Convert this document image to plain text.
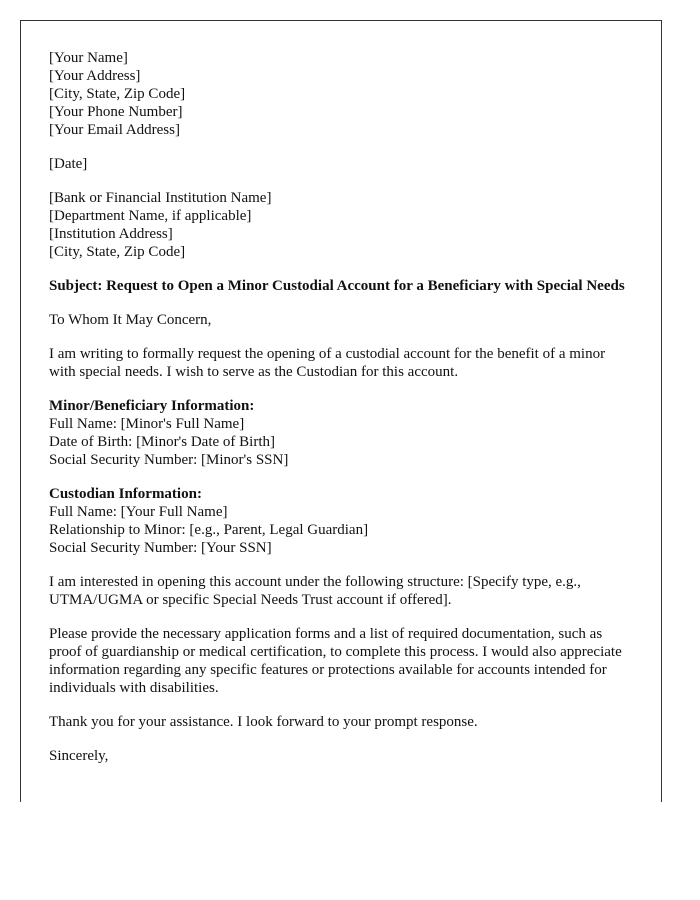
[Your Name]
[Your Address]
[City, State, Zip Code]
[Your Phone Number]
[Your Email Address]

[Date]

[Bank or Financial Institution Name]
[Department Name, if applicable]
[Institution Address]
[City, State, Zip Code]

Subject: Request to Open a Minor Custodial Account for a Beneficiary with Special Needs

To Whom It May Concern,

I am writing to formally request the opening of a custodial account for the benefit of a minor with special needs. I wish to serve as the Custodian for this account.

Minor/Beneficiary Information:
Full Name: [Minor's Full Name]
Date of Birth: [Minor's Date of Birth]
Social Security Number: [Minor's SSN]

Custodian Information:
Full Name: [Your Full Name]
Relationship to Minor: [e.g., Parent, Legal Guardian]
Social Security Number: [Your SSN]

I am interested in opening this account under the following structure: [Specify type, e.g., UTMA/UGMA or specific Special Needs Trust account if offered].

Please provide the necessary application forms and a list of required documentation, such as proof of guardianship or medical certification, to complete this process. I would also appreciate information regarding any specific features or protections available for accounts intended for individuals with disabilities.

Thank you for your assistance. I look forward to your prompt response.

Sincerely,
